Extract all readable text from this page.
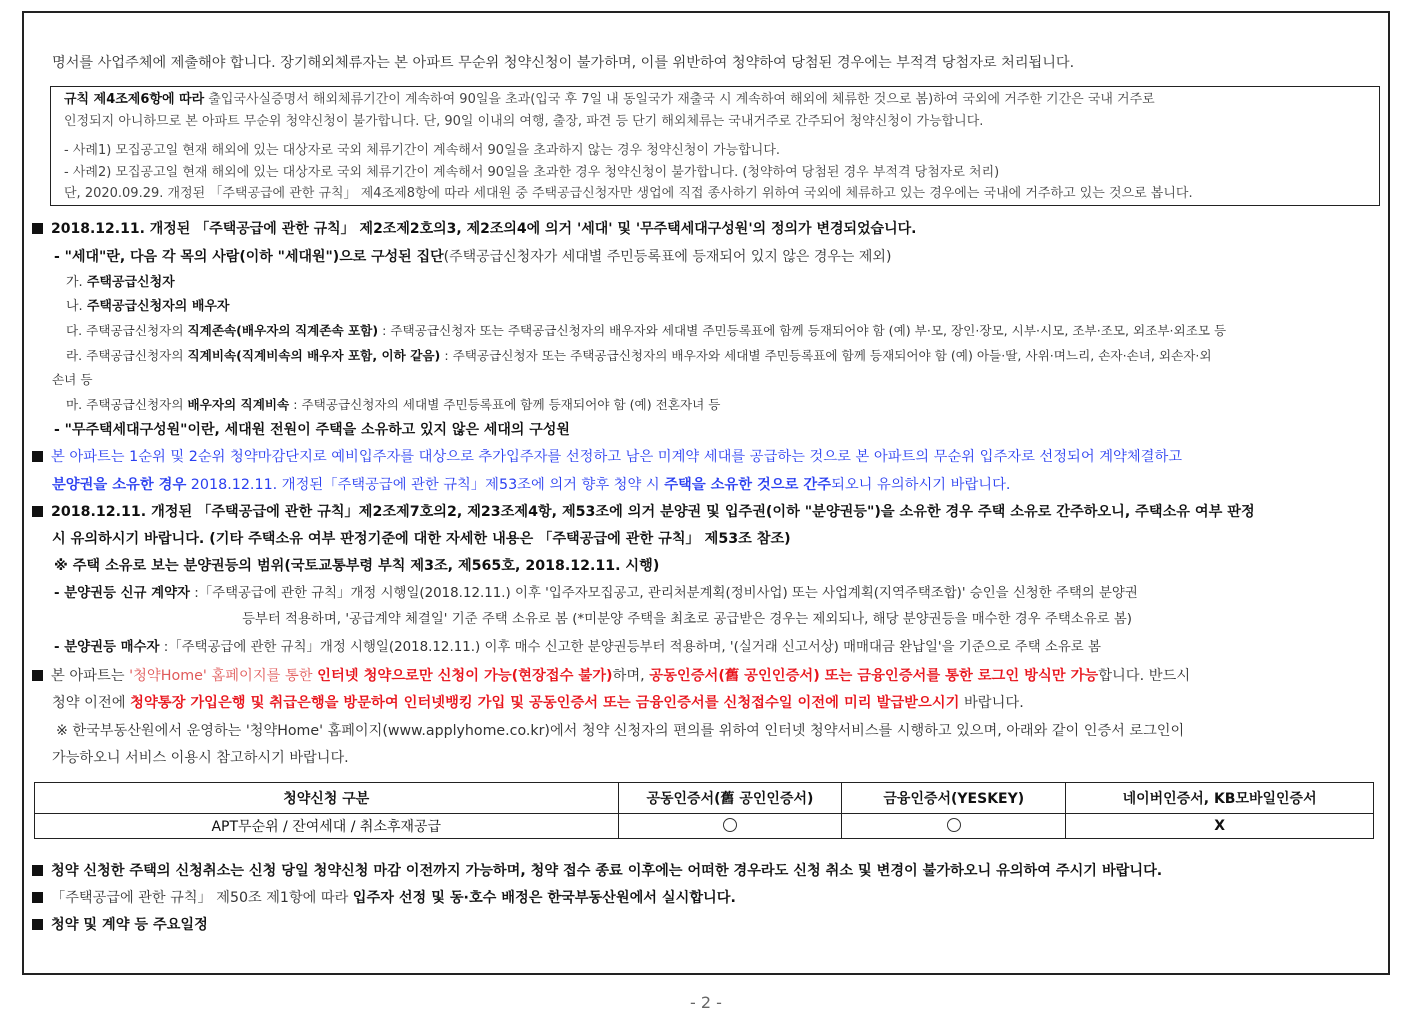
명서를 사업주체에 제출해야 합니다. 장기해외체류자는 본 아파트 무순위 청약신청이 불가하며, 이를 위반하여 청약하여 당첨된 경우에는 부적격 당첨자로 처리됩니다.
규칙 제4조제6항에 따라 출입국사실증명서 해외체류기간이 계속하여 90일을 초과(입국 후 7일 내 동일국가 재출국 시 계속하여 해외에 체류한 것으로 봄)하여 국외에 거주한 기간은 국내 거주로
인정되지 아니하므로 본 아파트 무순위 청약신청이 불가합니다. 단, 90일 이내의 여행, 출장, 파견 등 단기 해외체류는 국내거주로 간주되어 청약신청이 가능합니다.
- 사례1) 모집공고일 현재 해외에 있는 대상자로 국외 체류기간이 계속해서 90일을 초과하지 않는 경우 청약신청이 가능합니다.
- 사례2) 모집공고일 현재 해외에 있는 대상자로 국외 체류기간이 계속해서 90일을 초과한 경우 청약신청이 불가합니다. (청약하여 당첨된 경우 부적격 당첨자로 처리)
단, 2020.09.29. 개정된 「주택공급에 관한 규칙」 제4조제8항에 따라 세대원 중 주택공급신청자만 생업에 직접 종사하기 위하여 국외에 체류하고 있는 경우에는 국내에 거주하고 있는 것으로 봅니다.
2018.12.11. 개정된 「주택공급에 관한 규칙」 제2조제2호의3, 제2조의4에 의거 '세대' 및 '무주택세대구성원'의 정의가 변경되었습니다.
- "세대"란, 다음 각 목의 사람(이하 "세대원")으로 구성된 집단(주택공급신청자가 세대별 주민등록표에 등재되어 있지 않은 경우는 제외)
가. 주택공급신청자
나. 주택공급신청자의 배우자
다. 주택공급신청자의 직계존속(배우자의 직계존속 포함) : 주택공급신청자 또는 주택공급신청자의 배우자와 세대별 주민등록표에 함께 등재되어야 함 (예) 부·모, 장인·장모, 시부·시모, 조부·조모, 외조부·외조모 등
라. 주택공급신청자의 직계비속(직계비속의 배우자 포함, 이하 같음) : 주택공급신청자 또는 주택공급신청자의 배우자와 세대별 주민등록표에 함께 등재되어야 함 (예) 아들·딸, 사위·며느리, 손자·손녀, 외손자·외
손녀 등
마. 주택공급신청자의 배우자의 직계비속 : 주택공급신청자의 세대별 주민등록표에 함께 등재되어야 함 (예) 전혼자녀 등
- "무주택세대구성원"이란, 세대원 전원이 주택을 소유하고 있지 않은 세대의 구성원
본 아파트는 1순위 및 2순위 청약마감단지로 예비입주자를 대상으로 추가입주자를 선정하고 남은 미계약 세대를 공급하는 것으로 본 아파트의 무순위 입주자로 선정되어 계약체결하고
분양권을 소유한 경우 2018.12.11. 개정된「주택공급에 관한 규칙」제53조에 의거 향후 청약 시 주택을 소유한 것으로 간주되오니 유의하시기 바랍니다.
2018.12.11. 개정된 「주택공급에 관한 규칙」제2조제7호의2, 제23조제4항, 제53조에 의거 분양권 및 입주권(이하 "분양권등")을 소유한 경우 주택 소유로 간주하오니, 주택소유 여부 판정
시 유의하시기 바랍니다. (기타 주택소유 여부 판정기준에 대한 자세한 내용은 「주택공급에 관한 규칙」 제53조 참조)
※ 주택 소유로 보는 분양권등의 범위(국토교통부령 부칙 제3조, 제565호, 2018.12.11. 시행)
- 분양권등 신규 계약자 :「주택공급에 관한 규칙」개정 시행일(2018.12.11.) 이후 '입주자모집공고, 관리처분계획(정비사업) 또는 사업계획(지역주택조합)' 승인을 신청한 주택의 분양권
등부터 적용하며, '공급계약 체결일' 기준 주택 소유로 봄 (*미분양 주택을 최초로 공급받은 경우는 제외되나, 해당 분양권등을 매수한 경우 주택소유로 봄)
- 분양권등 매수자 :「주택공급에 관한 규칙」개정 시행일(2018.12.11.) 이후 매수 신고한 분양권등부터 적용하며, '(실거래 신고서상) 매매대금 완납일'을 기준으로 주택 소유로 봄
본 아파트는 '청약Home' 홈페이지를 통한 인터넷 청약으로만 신청이 가능(현장접수 불가)하며, 공동인증서(舊 공인인증서) 또는 금융인증서를 통한 로그인 방식만 가능합니다. 반드시
청약 이전에 청약통장 가입은행 및 취급은행을 방문하여 인터넷뱅킹 가입 및 공동인증서 또는 금융인증서를 신청접수일 이전에 미리 발급받으시기 바랍니다.
※ 한국부동산원에서 운영하는 '청약Home' 홈페이지(www.applyhome.co.kr)에서 청약 신청자의 편의를 위하여 인터넷 청약서비스를 시행하고 있으며, 아래와 같이 인증서 로그인이
가능하오니 서비스 이용시 참고하시기 바랍니다.
청약신청 구분	공동인증서(舊 공인인증서)	금융인증서(YESKEY)	네이버인증서, KB모바일인증서
APT무순위 / 잔여세대 / 취소후재공급			X
청약 신청한 주택의 신청취소는 신청 당일 청약신청 마감 이전까지 가능하며, 청약 접수 종료 이후에는 어떠한 경우라도 신청 취소 및 변경이 불가하오니 유의하여 주시기 바랍니다.
「주택공급에 관한 규칙」 제50조 제1항에 따라 입주자 선정 및 동·호수 배정은 한국부동산원에서 실시합니다.
청약 및 계약 등 주요일정
- 2 -
